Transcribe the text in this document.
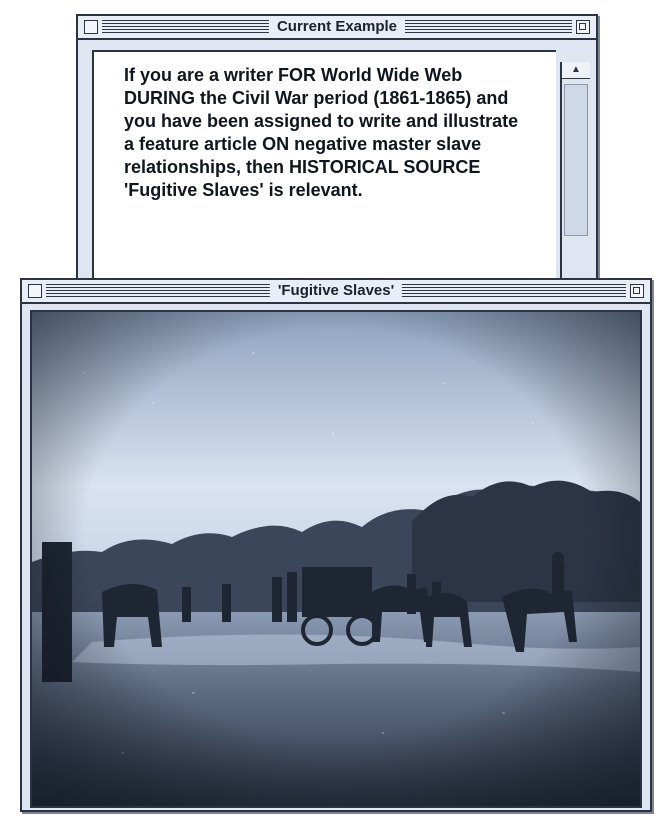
Current Example
If you are a writer FOR World Wide Web DURING the Civil War period (1861-1865) and you have been assigned to write and illustrate a feature article ON negative master slave relationships, then HISTORICAL SOURCE 'Fugitive Slaves' is relevant.
▲
'Fugitive Slaves'
